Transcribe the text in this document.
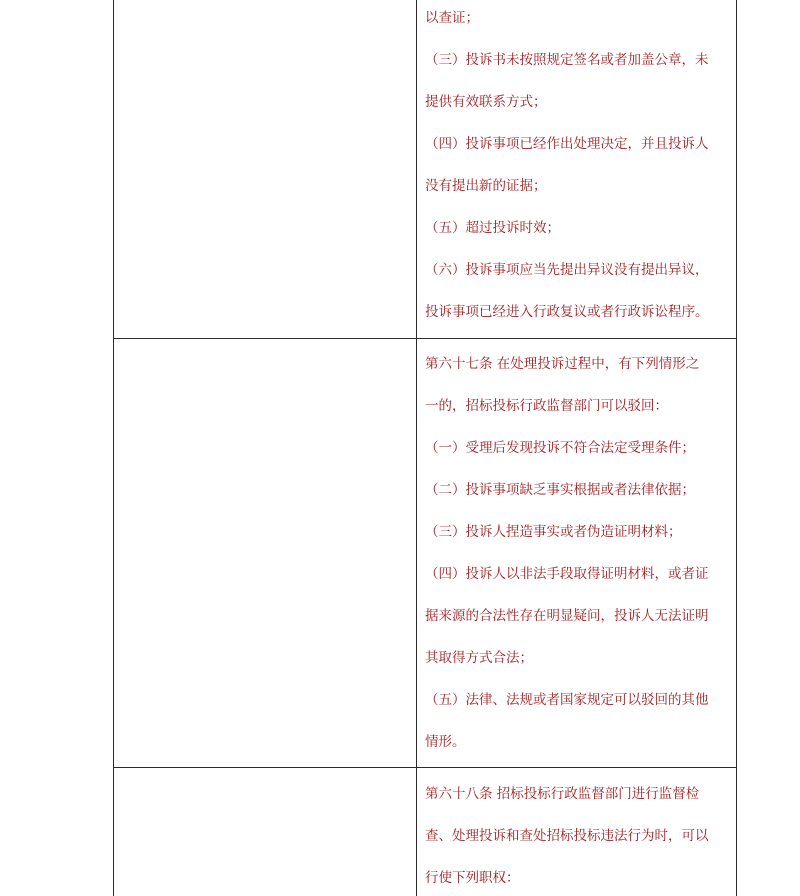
以查证；
（三）投诉书未按照规定签名或者加盖公章，未
提供有效联系方式；
（四）投诉事项已经作出处理决定，并且投诉人
没有提出新的证据；
（五）超过投诉时效；
（六）投诉事项应当先提出异议没有提出异议，
投诉事项已经进入行政复议或者行政诉讼程序。
第六十七条 在处理投诉过程中，有下列情形之
一的，招标投标行政监督部门可以驳回：
（一）受理后发现投诉不符合法定受理条件；
（二）投诉事项缺乏事实根据或者法律依据；
（三）投诉人捏造事实或者伪造证明材料；
（四）投诉人以非法手段取得证明材料，或者证
据来源的合法性存在明显疑问，投诉人无法证明
其取得方式合法；
（五）法律、法规或者国家规定可以驳回的其他
情形。
第六十八条 招标投标行政监督部门进行监督检
查、处理投诉和查处招标投标违法行为时，可以
行使下列职权：
